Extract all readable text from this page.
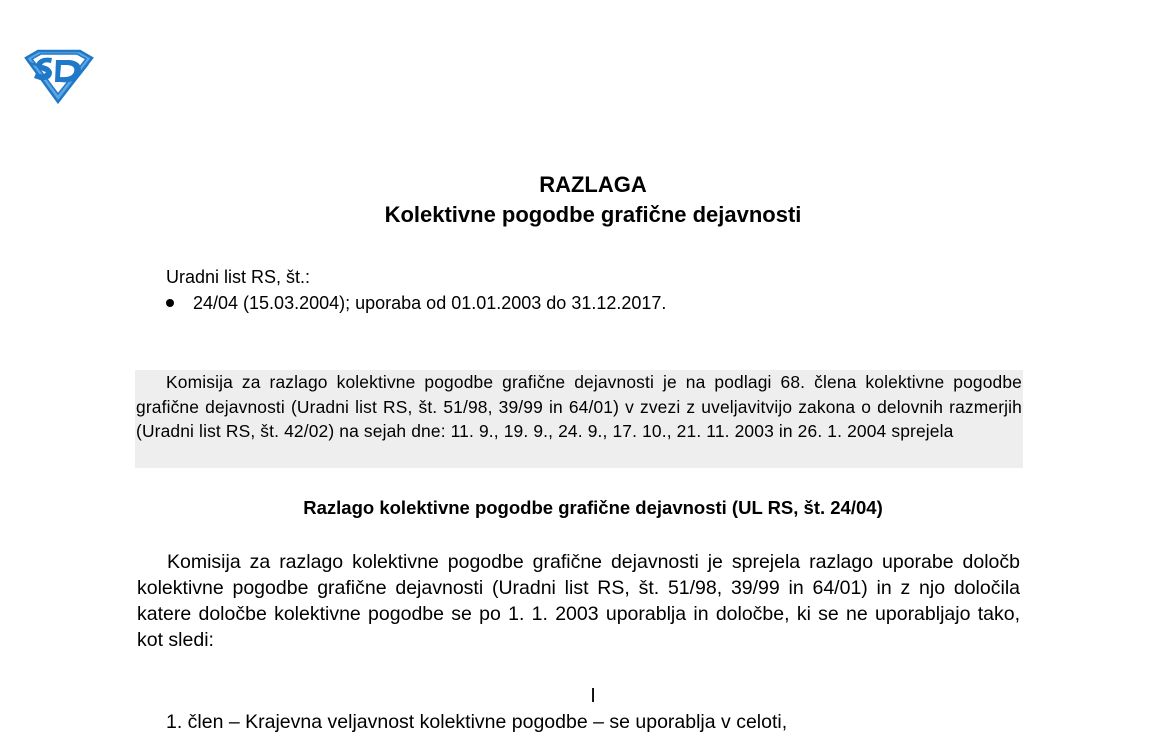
RAZLAGA
Kolektivne pogodbe grafične dejavnosti
Uradni list RS, št.:
24/04 (15.03.2004); uporaba od 01.01.2003 do 31.12.2017.

Komisija za razlago kolektivne pogodbe grafične dejavnosti je na podlagi 68. člena kolektivne pogodbe grafične dejavnosti (Uradni list RS, št. 51/98, 39/99 in 64/01) v zvezi z uveljavitvijo zakona o delovnih razmerjih (Uradni list RS, št. 42/02) na sejah dne: 11. 9., 19. 9., 24. 9., 17. 10., 21. 11. 2003 in 26. 1. 2004 sprejela

Razlago kolektivne pogodbe grafične dejavnosti (UL RS, št. 24/04)

Komisija za razlago kolektivne pogodbe grafične dejavnosti je sprejela razlago uporabe določb kolektivne pogodbe grafične dejavnosti (Uradni list RS, št. 51/98, 39/99 in 64/01) in z njo določila katere določbe kolektivne pogodbe se po 1. 1. 2003 uporablja in določbe, ki se ne uporabljajo tako, kot sledi:

I

1. člen – Krajevna veljavnost kolektivne pogodbe – se uporablja v celoti,
